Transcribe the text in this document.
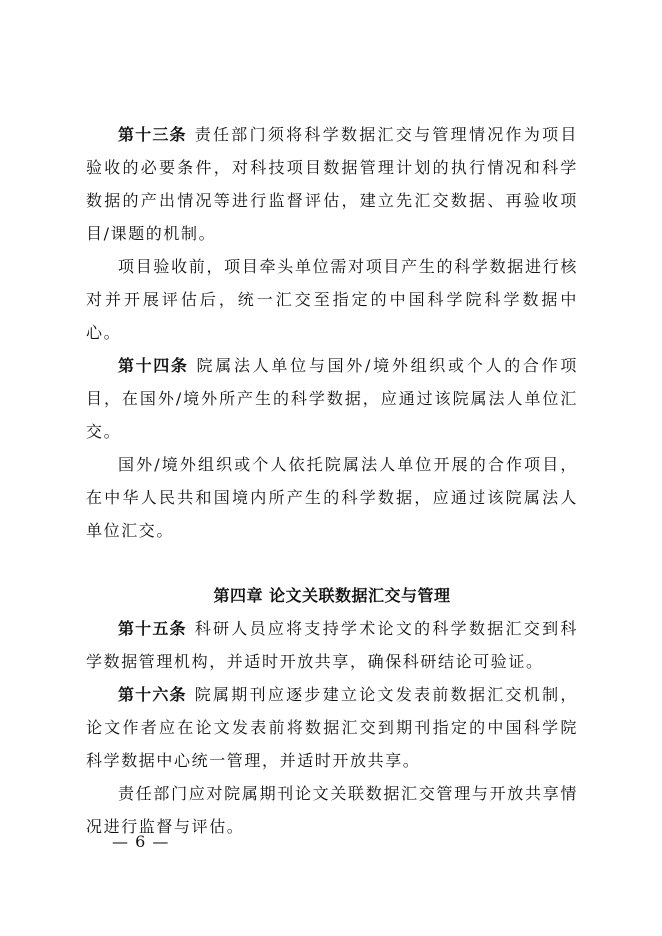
第十三条 责任部门须将科学数据汇交与管理情况作为项目验收的必要条件，对科技项目数据管理计划的执行情况和科学数据的产出情况等进行监督评估，建立先汇交数据、再验收项目/课题的机制。

项目验收前，项目牵头单位需对项目产生的科学数据进行核对并开展评估后，统一汇交至指定的中国科学院科学数据中心。

第十四条 院属法人单位与国外/境外组织或个人的合作项目，在国外/境外所产生的科学数据，应通过该院属法人单位汇交。

国外/境外组织或个人依托院属法人单位开展的合作项目，在中华人民共和国境内所产生的科学数据，应通过该院属法人单位汇交。

第四章 论文关联数据汇交与管理

第十五条 科研人员应将支持学术论文的科学数据汇交到科学数据管理机构，并适时开放共享，确保科研结论可验证。

第十六条 院属期刊应逐步建立论文发表前数据汇交机制，论文作者应在论文发表前将数据汇交到期刊指定的中国科学院科学数据中心统一管理，并适时开放共享。

责任部门应对院属期刊论文关联数据汇交管理与开放共享情况进行监督与评估。

— 6 —
